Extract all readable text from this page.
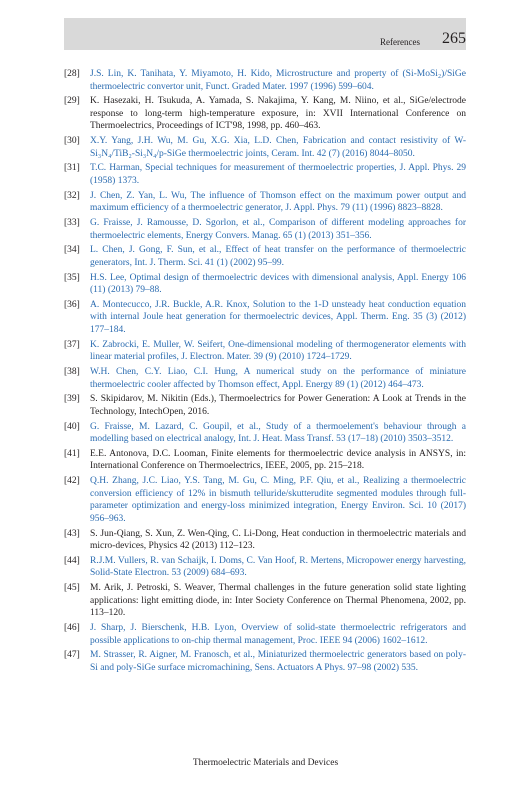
References 265
[28] J.S. Lin, K. Tanihata, Y. Miyamoto, H. Kido, Microstructure and property of (Si-MoSi₂)/SiGe thermoelectric convertor unit, Funct. Graded Mater. 1997 (1996) 599–604.
[29] K. Hasezaki, H. Tsukuda, A. Yamada, S. Nakajima, Y. Kang, M. Niino, et al., SiGe/electrode response to long-term high-temperature exposure, in: XVII International Conference on Thermoelectrics, Proceedings of ICT'98, 1998, pp. 460–463.
[30] X.Y. Yang, J.H. Wu, M. Gu, X.G. Xia, L.D. Chen, Fabrication and contact resistivity of W-Si₃N₄/TiB₂-Si₃N₄/p-SiGe thermoelectric joints, Ceram. Int. 42 (7) (2016) 8044–8050.
[31] T.C. Harman, Special techniques for measurement of thermoelectric properties, J. Appl. Phys. 29 (1958) 1373.
[32] J. Chen, Z. Yan, L. Wu, The influence of Thomson effect on the maximum power output and maximum efficiency of a thermoelectric generator, J. Appl. Phys. 79 (11) (1996) 8823–8828.
[33] G. Fraisse, J. Ramousse, D. Sgorlon, et al., Comparison of different modeling approaches for thermoelectric elements, Energy Convers. Manag. 65 (1) (2013) 351–356.
[34] L. Chen, J. Gong, F. Sun, et al., Effect of heat transfer on the performance of thermoelectric generators, Int. J. Therm. Sci. 41 (1) (2002) 95–99.
[35] H.S. Lee, Optimal design of thermoelectric devices with dimensional analysis, Appl. Energy 106 (11) (2013) 79–88.
[36] A. Montecucco, J.R. Buckle, A.R. Knox, Solution to the 1-D unsteady heat conduction equation with internal Joule heat generation for thermoelectric devices, Appl. Therm. Eng. 35 (3) (2012) 177–184.
[37] K. Zabrocki, E. Muller, W. Seifert, One-dimensional modeling of thermogenerator elements with linear material profiles, J. Electron. Mater. 39 (9) (2010) 1724–1729.
[38] W.H. Chen, C.Y. Liao, C.I. Hung, A numerical study on the performance of miniature thermoelectric cooler affected by Thomson effect, Appl. Energy 89 (1) (2012) 464–473.
[39] S. Skipidarov, M. Nikitin (Eds.), Thermoelectrics for Power Generation: A Look at Trends in the Technology, IntechOpen, 2016.
[40] G. Fraisse, M. Lazard, C. Goupil, et al., Study of a thermoelement's behaviour through a modelling based on electrical analogy, Int. J. Heat. Mass Transf. 53 (17–18) (2010) 3503–3512.
[41] E.E. Antonova, D.C. Looman, Finite elements for thermoelectric device analysis in ANSYS, in: International Conference on Thermoelectrics, IEEE, 2005, pp. 215–218.
[42] Q.H. Zhang, J.C. Liao, Y.S. Tang, M. Gu, C. Ming, P.F. Qiu, et al., Realizing a thermoelectric conversion efficiency of 12% in bismuth telluride/skutterudite segmented modules through full-parameter optimization and energy-loss minimized integration, Energy Environ. Sci. 10 (2017) 956–963.
[43] S. Jun-Qiang, S. Xun, Z. Wen-Qing, C. Li-Dong, Heat conduction in thermoelectric materials and micro-devices, Physics 42 (2013) 112–123.
[44] R.J.M. Vullers, R. van Schaijk, I. Doms, C. Van Hoof, R. Mertens, Micropower energy harvesting, Solid-State Electron. 53 (2009) 684–693.
[45] M. Arik, J. Petroski, S. Weaver, Thermal challenges in the future generation solid state lighting applications: light emitting diode, in: Inter Society Conference on Thermal Phenomena, 2002, pp. 113–120.
[46] J. Sharp, J. Bierschenk, H.B. Lyon, Overview of solid-state thermoelectric refrigerators and possible applications to on-chip thermal management, Proc. IEEE 94 (2006) 1602–1612.
[47] M. Strasser, R. Aigner, M. Franosch, et al., Miniaturized thermoelectric generators based on poly-Si and poly-SiGe surface micromachining, Sens. Actuators A Phys. 97–98 (2002) 535.
Thermoelectric Materials and Devices
